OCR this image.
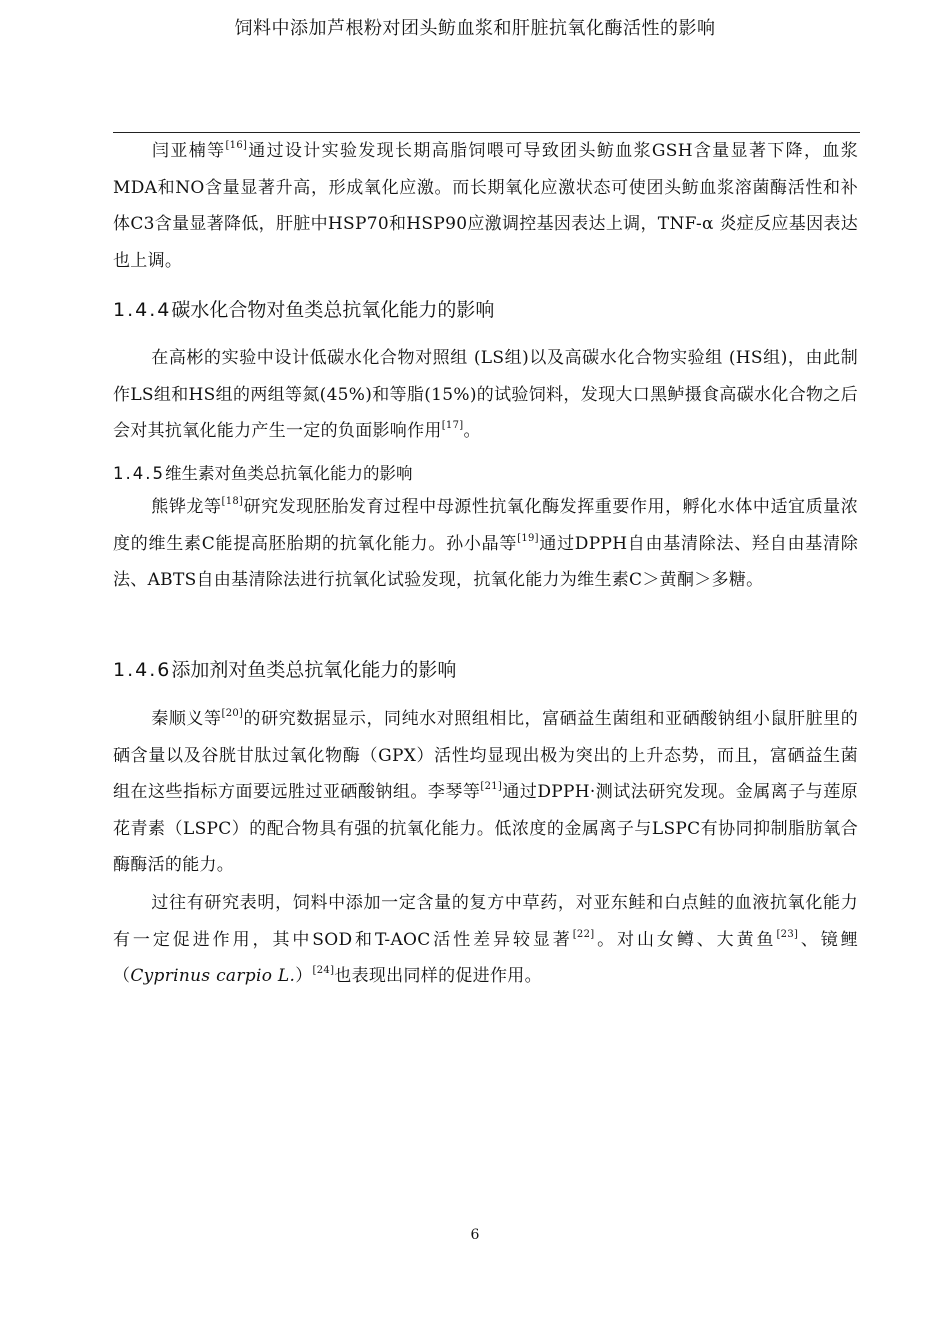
饲料中添加芦根粉对团头鲂血浆和肝脏抗氧化酶活性的影响

闫亚楠等[16]通过设计实验发现长期高脂饲喂可导致团头鲂血浆GSH含量显著下降，血浆MDA和NO含量显著升高，形成氧化应激。而长期氧化应激状态可使团头鲂血浆溶菌酶活性和补体C3含量显著降低，肝脏中HSP70和HSP90应激调控基因表达上调，TNF-α 炎症反应基因表达也上调。

1.4.4碳水化合物对鱼类总抗氧化能力的影响

在高彬的实验中设计低碳水化合物对照组 (LS组)以及高碳水化合物实验组 (HS组)，由此制作LS组和HS组的两组等氮(45%)和等脂(15%)的试验饲料，发现大口黑鲈摄食高碳水化合物之后会对其抗氧化能力产生一定的负面影响作用[17]。

1.4.5维生素对鱼类总抗氧化能力的影响

熊铧龙等[18]研究发现胚胎发育过程中母源性抗氧化酶发挥重要作用，孵化水体中适宜质量浓度的维生素C能提高胚胎期的抗氧化能力。孙小晶等[19]通过DPPH自由基清除法、羟自由基清除法、ABTS自由基清除法进行抗氧化试验发现，抗氧化能力为维生素C＞黄酮＞多糖。

1.4.6添加剂对鱼类总抗氧化能力的影响

秦顺义等[20]的研究数据显示，同纯水对照组相比，富硒益生菌组和亚硒酸钠组小鼠肝脏里的硒含量以及谷胱甘肽过氧化物酶（GPX）活性均显现出极为突出的上升态势，而且，富硒益生菌组在这些指标方面要远胜过亚硒酸钠组。李琴等[21]通过DPPH·测试法研究发现。金属离子与莲原花青素（LSPC）的配合物具有强的抗氧化能力。低浓度的金属离子与LSPC有协同抑制脂肪氧合酶酶活的能力。

过往有研究表明，饲料中添加一定含量的复方中草药，对亚东鲑和白点鲑的血液抗氧化能力有一定促进作用，其中SOD和T-AOC活性差异较显著[22]。对山女鳟、大黄鱼[23]、镜鲤（Cyprinus carpio L.）[24]也表现出同样的促进作用。

6
